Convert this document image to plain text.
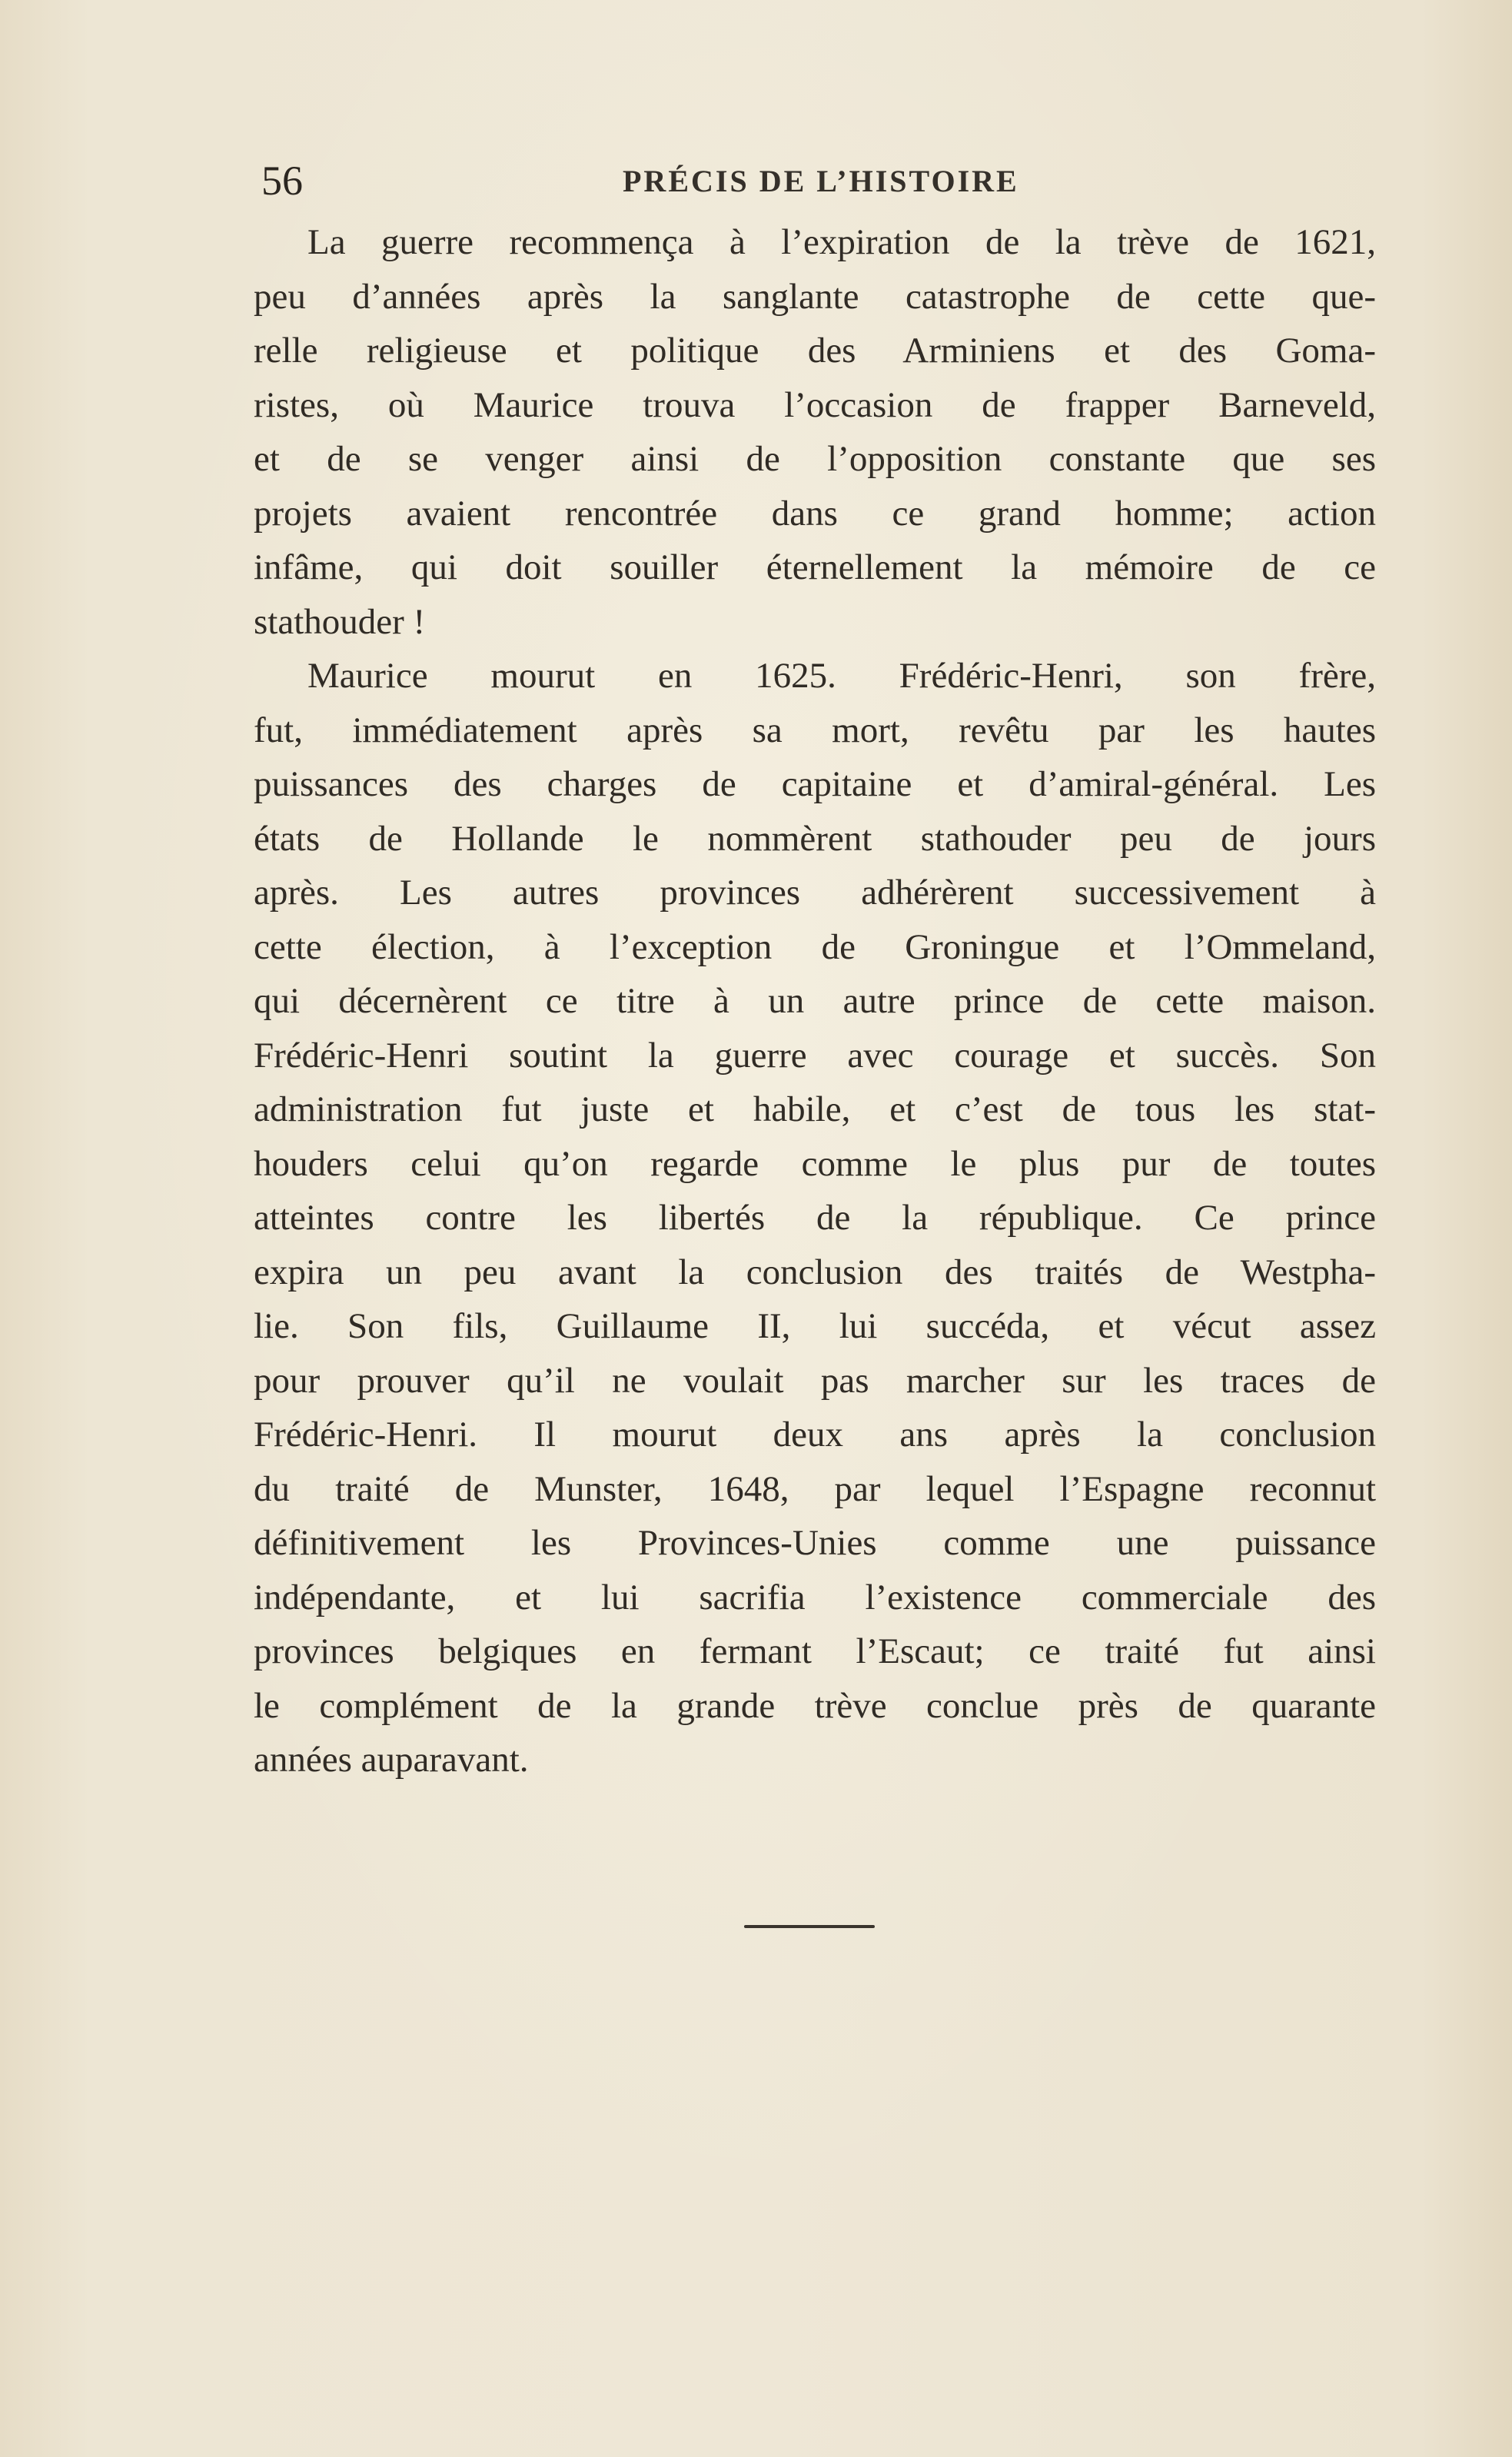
56	PRÉCIS DE L’HISTOIRE
La guerre recommença à l’expiration de la trève de 1621,
peu d’années après la sanglante catastrophe de cette que-
relle religieuse et politique des Arminiens et des Goma-
ristes, où Maurice trouva l’occasion de frapper Barneveld,
et de se venger ainsi de l’opposition constante que ses
projets avaient rencontrée dans ce grand homme; action
infâme, qui doit souiller éternellement la mémoire de ce
stathouder !
Maurice mourut en 1625. Frédéric-Henri, son frère,
fut, immédiatement après sa mort, revêtu par les hautes
puissances des charges de capitaine et d’amiral-général. Les
états de Hollande le nommèrent stathouder peu de jours
après. Les autres provinces adhérèrent successivement à
cette élection, à l’exception de Groningue et l’Ommeland,
qui décernèrent ce titre à un autre prince de cette maison.
Frédéric-Henri soutint la guerre avec courage et succès. Son
administration fut juste et habile, et c’est de tous les stat-
houders celui qu’on regarde comme le plus pur de toutes
atteintes contre les libertés de la république. Ce prince
expira un peu avant la conclusion des traités de Westpha-
lie. Son fils, Guillaume II, lui succéda, et vécut assez
pour prouver qu’il ne voulait pas marcher sur les traces de
Frédéric-Henri. Il mourut deux ans après la conclusion
du traité de Munster, 1648, par lequel l’Espagne reconnut
définitivement les Provinces-Unies comme une puissance
indépendante, et lui sacrifia l’existence commerciale des
provinces belgiques en fermant l’Escaut; ce traité fut ainsi
le complément de la grande trève conclue près de quarante
années auparavant.
